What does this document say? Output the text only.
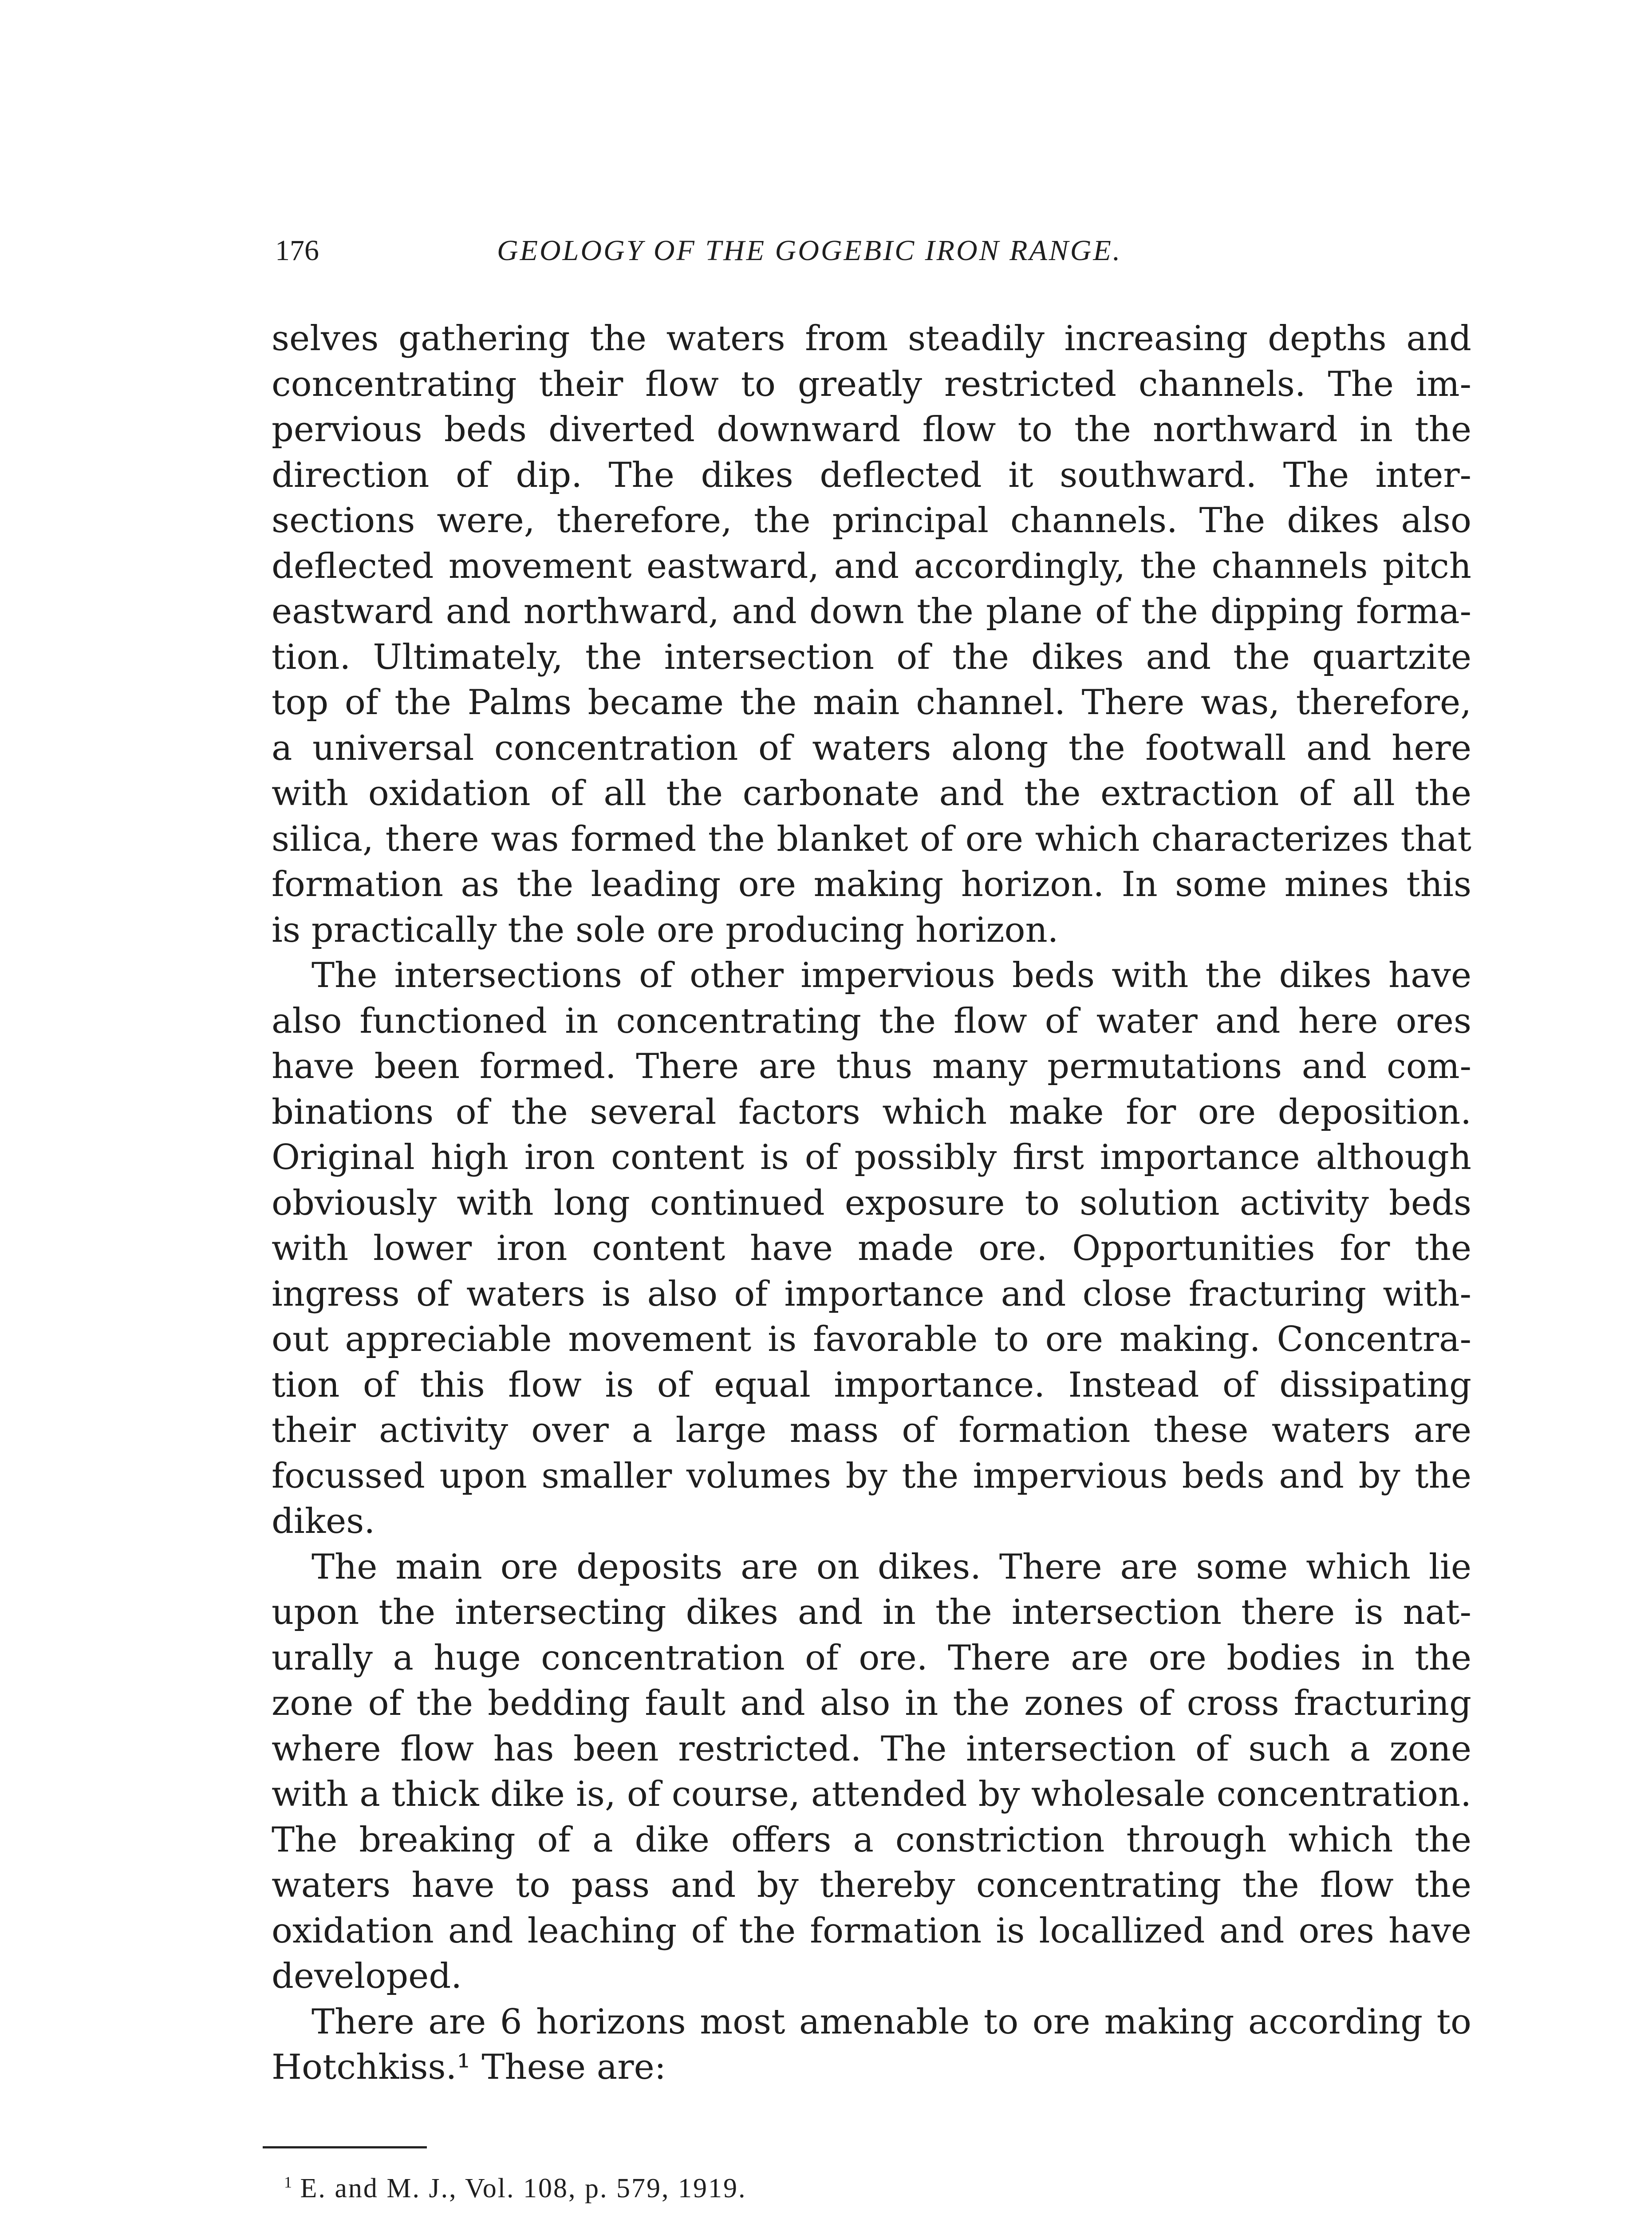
176	GEOLOGY OF THE GOGEBIC IRON RANGE.

selves gathering the waters from steadily increasing depths and
concentrating their flow to greatly restricted channels. The im-
pervious beds diverted downward flow to the northward in the
direction of dip. The dikes deflected it southward. The inter-
sections were, therefore, the principal channels. The dikes also
deflected movement eastward, and accordingly, the channels pitch
eastward and northward, and down the plane of the dipping forma-
tion. Ultimately, the intersection of the dikes and the quartzite
top of the Palms became the main channel. There was, therefore,
a universal concentration of waters along the footwall and here
with oxidation of all the carbonate and the extraction of all the
silica, there was formed the blanket of ore which characterizes that
formation as the leading ore making horizon. In some mines this
is practically the sole ore producing horizon.

The intersections of other impervious beds with the dikes have
also functioned in concentrating the flow of water and here ores
have been formed. There are thus many permutations and com-
binations of the several factors which make for ore deposition.
Original high iron content is of possibly first importance although
obviously with long continued exposure to solution activity beds
with lower iron content have made ore. Opportunities for the
ingress of waters is also of importance and close fracturing with-
out appreciable movement is favorable to ore making. Concentra-
tion of this flow is of equal importance. Instead of dissipating
their activity over a large mass of formation these waters are
focussed upon smaller volumes by the impervious beds and by the
dikes.

The main ore deposits are on dikes. There are some which lie
upon the intersecting dikes and in the intersection there is nat-
urally a huge concentration of ore. There are ore bodies in the
zone of the bedding fault and also in the zones of cross fracturing
where flow has been restricted. The intersection of such a zone
with a thick dike is, of course, attended by wholesale concentration.
The breaking of a dike offers a constriction through which the
waters have to pass and by thereby concentrating the flow the
oxidation and leaching of the formation is locallized and ores have
developed.

There are 6 horizons most amenable to ore making according to
Hotchkiss.¹ These are:

$^1$ E. and M. J., Vol. 108, p. 579, 1919.
